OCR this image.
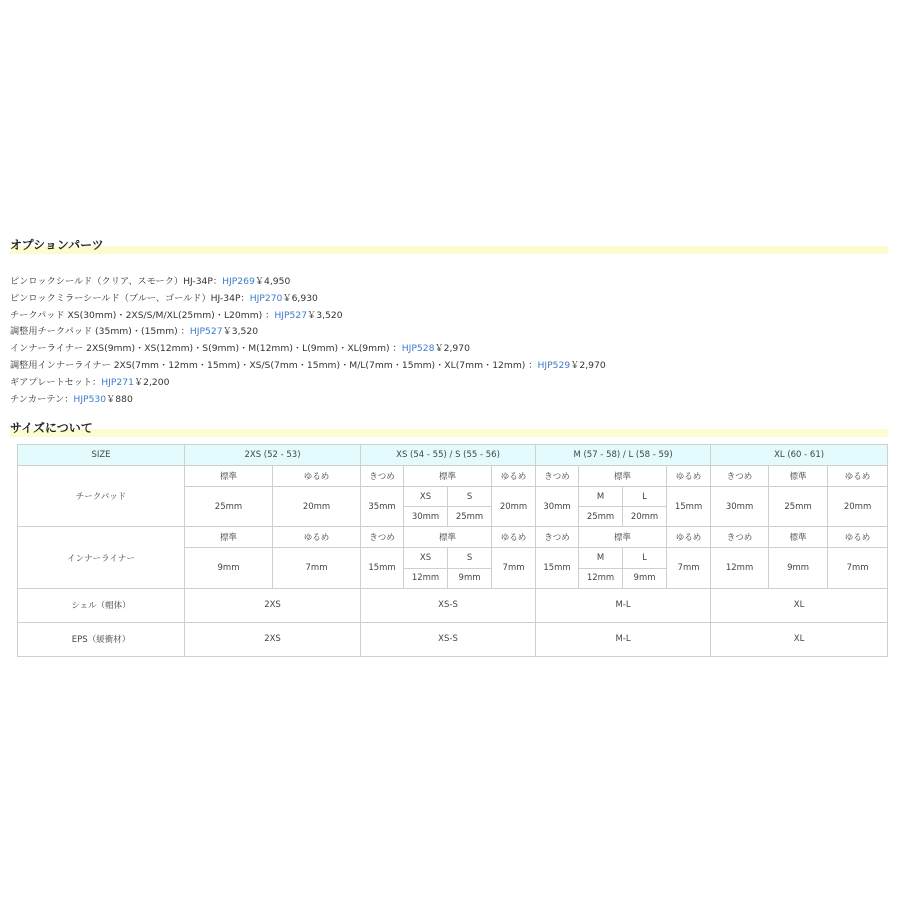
オプションパーツ
ピンロックシールド（クリア、スモーク）HJ-34P：HJP269￥4,950
ピンロックミラーシールド（ブルー、ゴールド）HJ-34P：HJP270￥6,930
チークパッド XS(30mm)・2XS/S/M/XL(25mm)・L20mm) ：HJP527￥3,520
調整用チークパッド (35mm)・(15mm) ：HJP527￥3,520
インナーライナー 2XS(9mm)・XS(12mm)・S(9mm)・M(12mm)・L(9mm)・XL(9mm) ：HJP528￥2,970
調整用インナーライナー 2XS(7mm・12mm・15mm)・XS/S(7mm・15mm)・M/L(7mm・15mm)・XL(7mm・12mm) ：HJP529￥2,970
ギアプレートセット：HJP271￥2,200
チンカーテン：HJP530￥880
サイズについて
SIZE	2XS (52 - 53)		XS (54 - 55) / S (55 - 56)				M (57 - 58) / L (58 - 59)				XL (60 - 61)		
チークパッド	標準	ゆるめ	きつめ	標準		ゆるめ	きつめ	標準		ゆるめ	きつめ	標準	ゆるめ
	25mm	20mm	35mm	XS	S	20mm	30mm	M	L	15mm	30mm	25mm	20mm
				30mm	25mm			25mm	20mm				
インナーライナー	標準	ゆるめ	きつめ	標準		ゆるめ	きつめ	標準		ゆるめ	きつめ	標準	ゆるめ
	9mm	7mm	15mm	XS	S	7mm	15mm	M	L	7mm	12mm	9mm	7mm
				12mm	9mm			12mm	9mm				
シェル（帽体）	2XS		XS-S				M-L				XL		
EPS（緩衝材）	2XS		XS-S				M-L				XL		
